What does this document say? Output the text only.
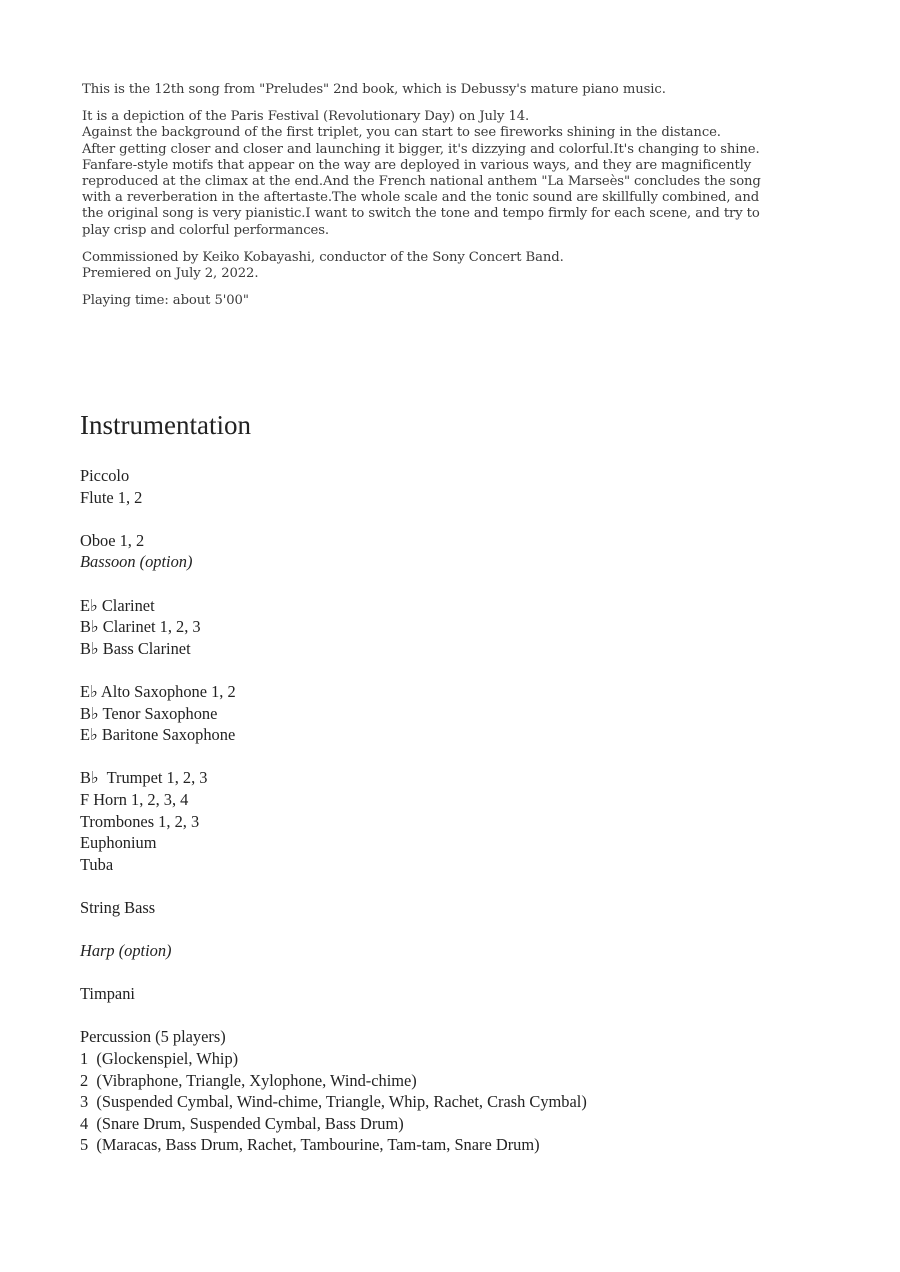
This is the 12th song from "Preludes" 2nd book, which is Debussy's mature piano music.

It is a depiction of the Paris Festival (Revolutionary Day) on July 14.
Against the background of the first triplet, you can start to see fireworks shining in the distance.
After getting closer and closer and launching it bigger, it's dizzying and colorful.It's changing to shine.
Fanfare-style motifs that appear on the way are deployed in various ways, and they are magnificently
reproduced at the climax at the end.And the French national anthem "La Marseès" concludes the song
with a reverberation in the aftertaste.The whole scale and the tonic sound are skillfully combined, and
the original song is very pianistic.I want to switch the tone and tempo firmly for each scene, and try to
play crisp and colorful performances.

Commissioned by Keiko Kobayashi, conductor of the Sony Concert Band.
Premiered on July 2, 2022.

Playing time: about 5'00"

Instrumentation
Piccolo
Flute 1, 2
Oboe 1, 2
Bassoon (option)
E♭ Clarinet
B♭ Clarinet 1, 2, 3
B♭ Bass Clarinet
E♭ Alto Saxophone 1, 2
B♭ Tenor Saxophone
E♭ Baritone Saxophone
B♭  Trumpet 1, 2, 3
F Horn 1, 2, 3, 4
Trombones 1, 2, 3
Euphonium
Tuba
String Bass
Harp (option)
Timpani
Percussion (5 players)
1  (Glockenspiel, Whip)
2  (Vibraphone, Triangle, Xylophone, Wind-chime)
3  (Suspended Cymbal, Wind-chime, Triangle, Whip, Rachet, Crash Cymbal)
4  (Snare Drum, Suspended Cymbal, Bass Drum)
5  (Maracas, Bass Drum, Rachet, Tambourine, Tam-tam, Snare Drum)
